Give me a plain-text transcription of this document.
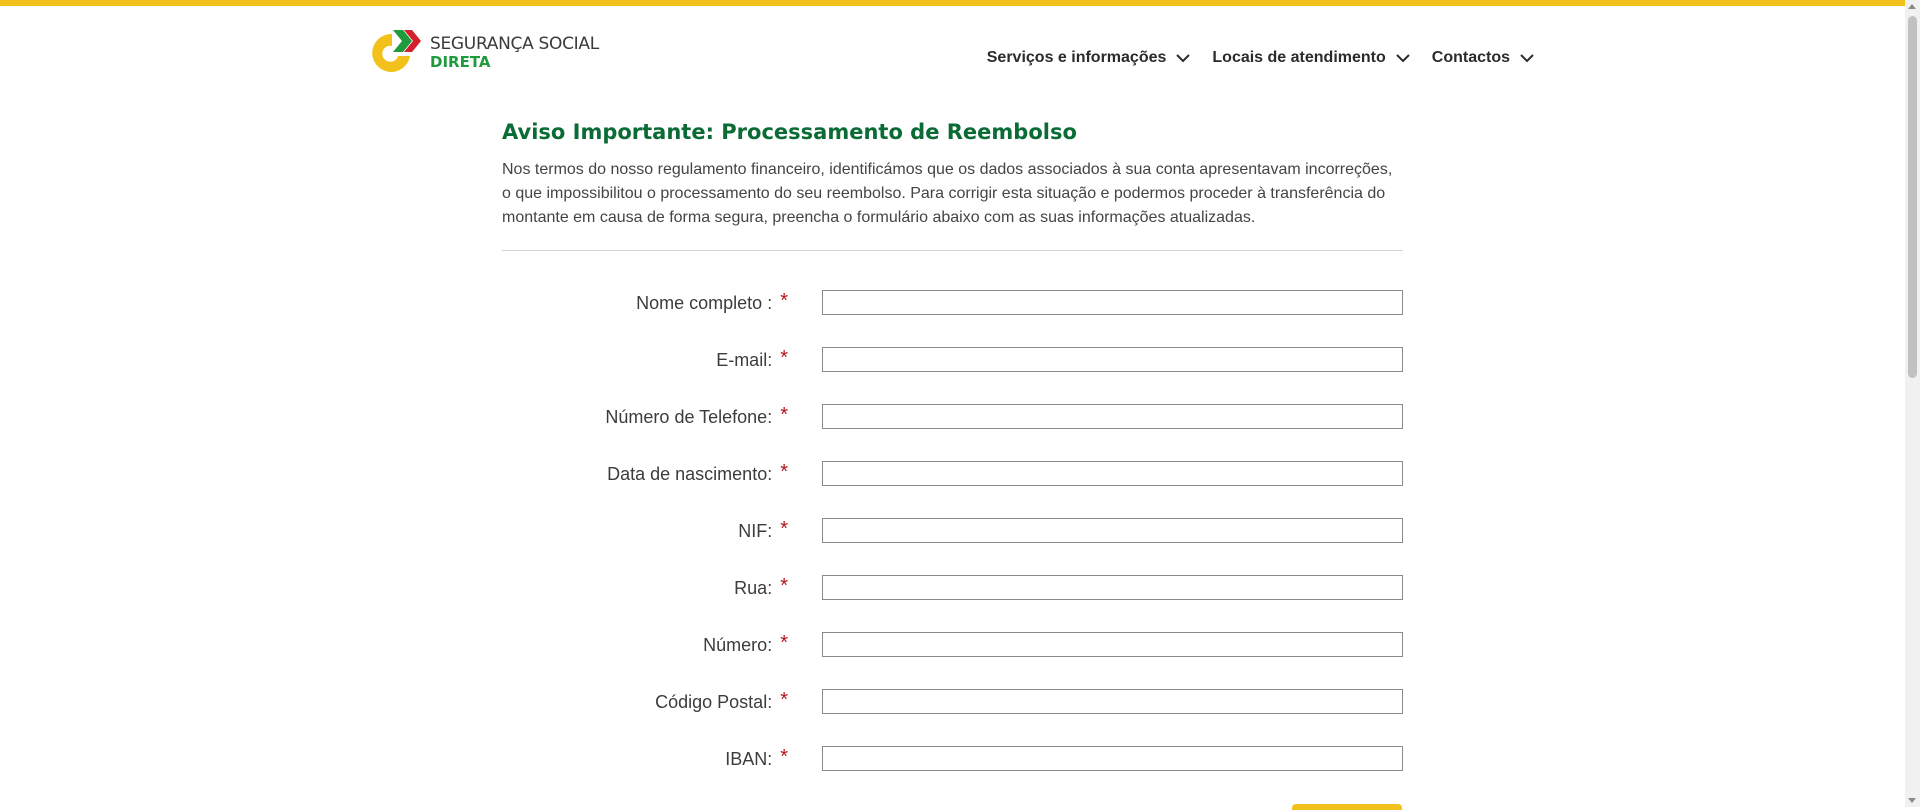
SEGURANÇA SOCIAL
DIRETA	Serviços e informações	Locais de atendimento	Contactos
Aviso Importante: Processamento de Reembolso

Nos termos do nosso regulamento financeiro, identificámos que os dados associados à sua conta apresentavam incorreções, o que impossibilitou o processamento do seu reembolso. Para corrigir esta situação e podermos proceder à transferência do montante em causa de forma segura, preencha o formulário abaixo com as suas informações atualizadas.

Nome completo : *
E-mail: *
Número de Telefone: *
Data de nascimento: *
NIF: *
Rua: *
Número: *
Código Postal: *
IBAN: *
